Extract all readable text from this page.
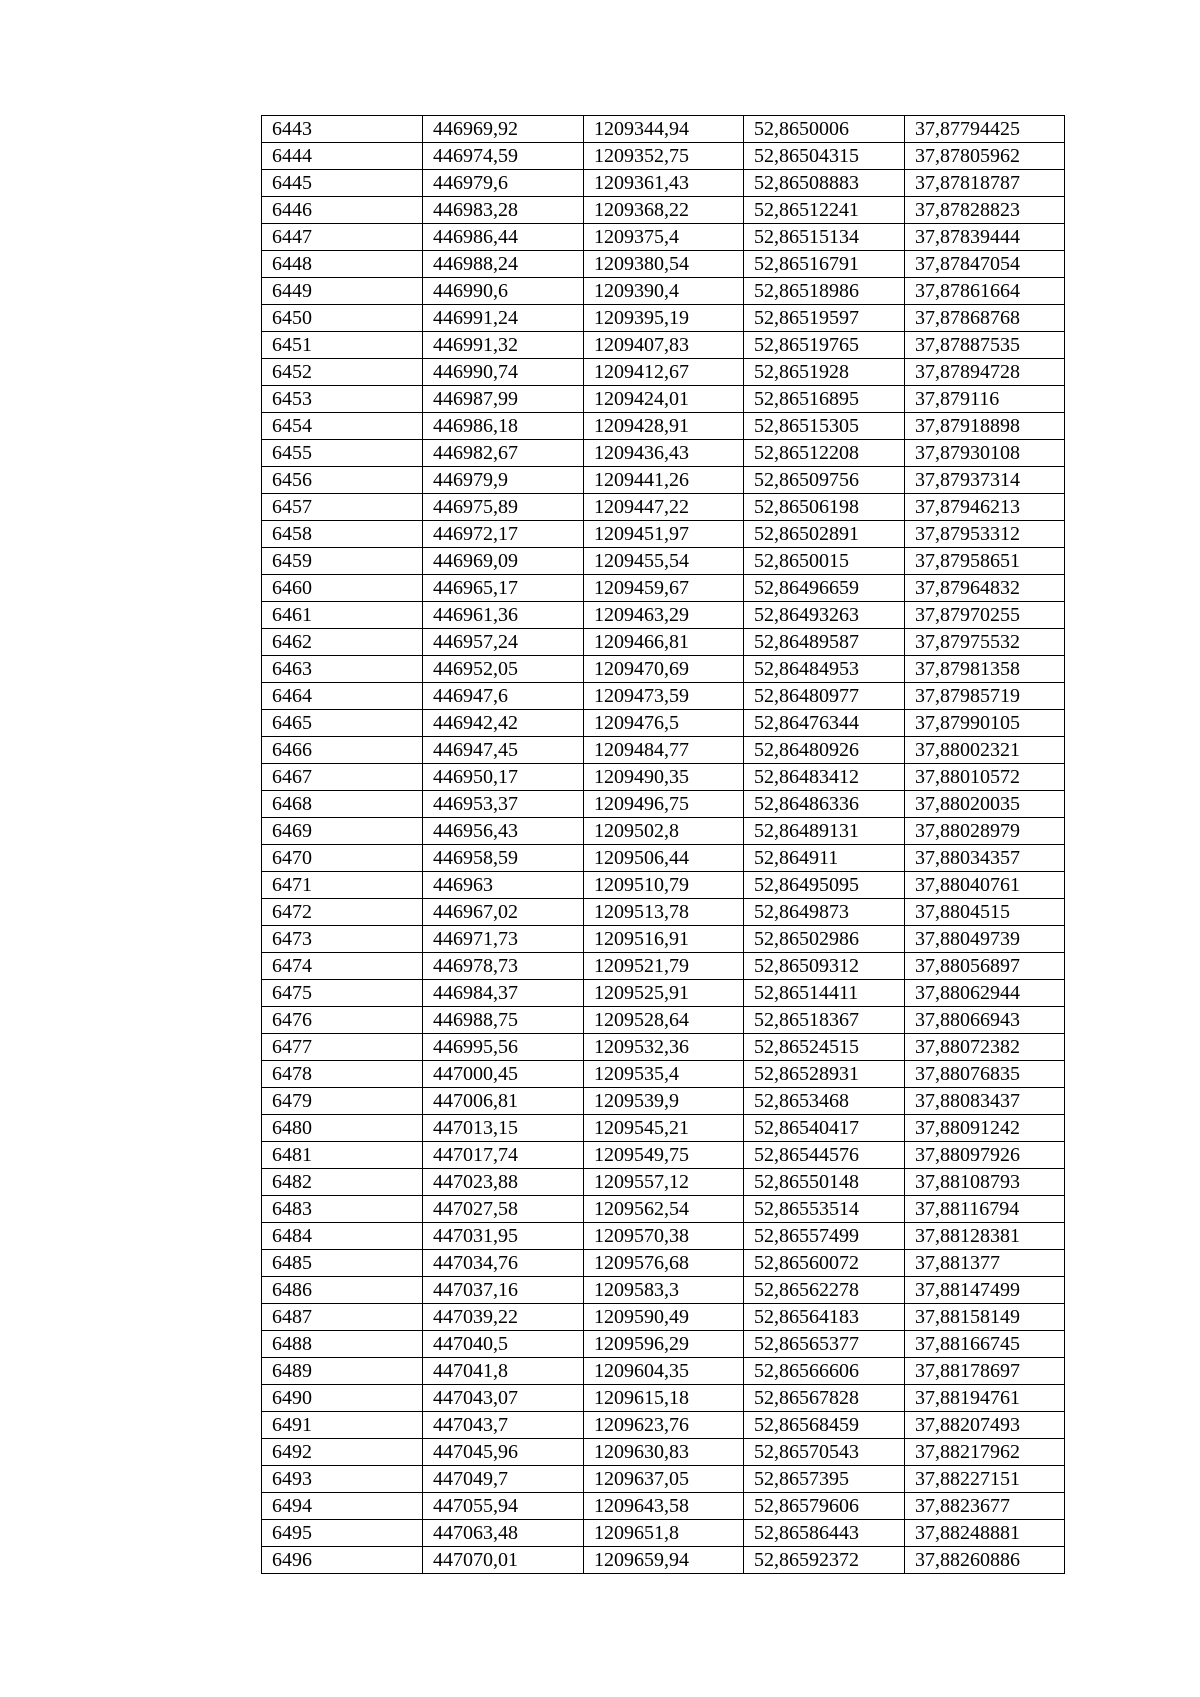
6443	446969,92	1209344,94	52,8650006	37,87794425
6444	446974,59	1209352,75	52,86504315	37,87805962
6445	446979,6	1209361,43	52,86508883	37,87818787
6446	446983,28	1209368,22	52,86512241	37,87828823
6447	446986,44	1209375,4	52,86515134	37,87839444
6448	446988,24	1209380,54	52,86516791	37,87847054
6449	446990,6	1209390,4	52,86518986	37,87861664
6450	446991,24	1209395,19	52,86519597	37,87868768
6451	446991,32	1209407,83	52,86519765	37,87887535
6452	446990,74	1209412,67	52,8651928	37,87894728
6453	446987,99	1209424,01	52,86516895	37,879116
6454	446986,18	1209428,91	52,86515305	37,87918898
6455	446982,67	1209436,43	52,86512208	37,87930108
6456	446979,9	1209441,26	52,86509756	37,87937314
6457	446975,89	1209447,22	52,86506198	37,87946213
6458	446972,17	1209451,97	52,86502891	37,87953312
6459	446969,09	1209455,54	52,8650015	37,87958651
6460	446965,17	1209459,67	52,86496659	37,87964832
6461	446961,36	1209463,29	52,86493263	37,87970255
6462	446957,24	1209466,81	52,86489587	37,87975532
6463	446952,05	1209470,69	52,86484953	37,87981358
6464	446947,6	1209473,59	52,86480977	37,87985719
6465	446942,42	1209476,5	52,86476344	37,87990105
6466	446947,45	1209484,77	52,86480926	37,88002321
6467	446950,17	1209490,35	52,86483412	37,88010572
6468	446953,37	1209496,75	52,86486336	37,88020035
6469	446956,43	1209502,8	52,86489131	37,88028979
6470	446958,59	1209506,44	52,864911	37,88034357
6471	446963	1209510,79	52,86495095	37,88040761
6472	446967,02	1209513,78	52,8649873	37,8804515
6473	446971,73	1209516,91	52,86502986	37,88049739
6474	446978,73	1209521,79	52,86509312	37,88056897
6475	446984,37	1209525,91	52,86514411	37,88062944
6476	446988,75	1209528,64	52,86518367	37,88066943
6477	446995,56	1209532,36	52,86524515	37,88072382
6478	447000,45	1209535,4	52,86528931	37,88076835
6479	447006,81	1209539,9	52,8653468	37,88083437
6480	447013,15	1209545,21	52,86540417	37,88091242
6481	447017,74	1209549,75	52,86544576	37,88097926
6482	447023,88	1209557,12	52,86550148	37,88108793
6483	447027,58	1209562,54	52,86553514	37,88116794
6484	447031,95	1209570,38	52,86557499	37,88128381
6485	447034,76	1209576,68	52,86560072	37,881377
6486	447037,16	1209583,3	52,86562278	37,88147499
6487	447039,22	1209590,49	52,86564183	37,88158149
6488	447040,5	1209596,29	52,86565377	37,88166745
6489	447041,8	1209604,35	52,86566606	37,88178697
6490	447043,07	1209615,18	52,86567828	37,88194761
6491	447043,7	1209623,76	52,86568459	37,88207493
6492	447045,96	1209630,83	52,86570543	37,88217962
6493	447049,7	1209637,05	52,8657395	37,88227151
6494	447055,94	1209643,58	52,86579606	37,8823677
6495	447063,48	1209651,8	52,86586443	37,88248881
6496	447070,01	1209659,94	52,86592372	37,88260886
